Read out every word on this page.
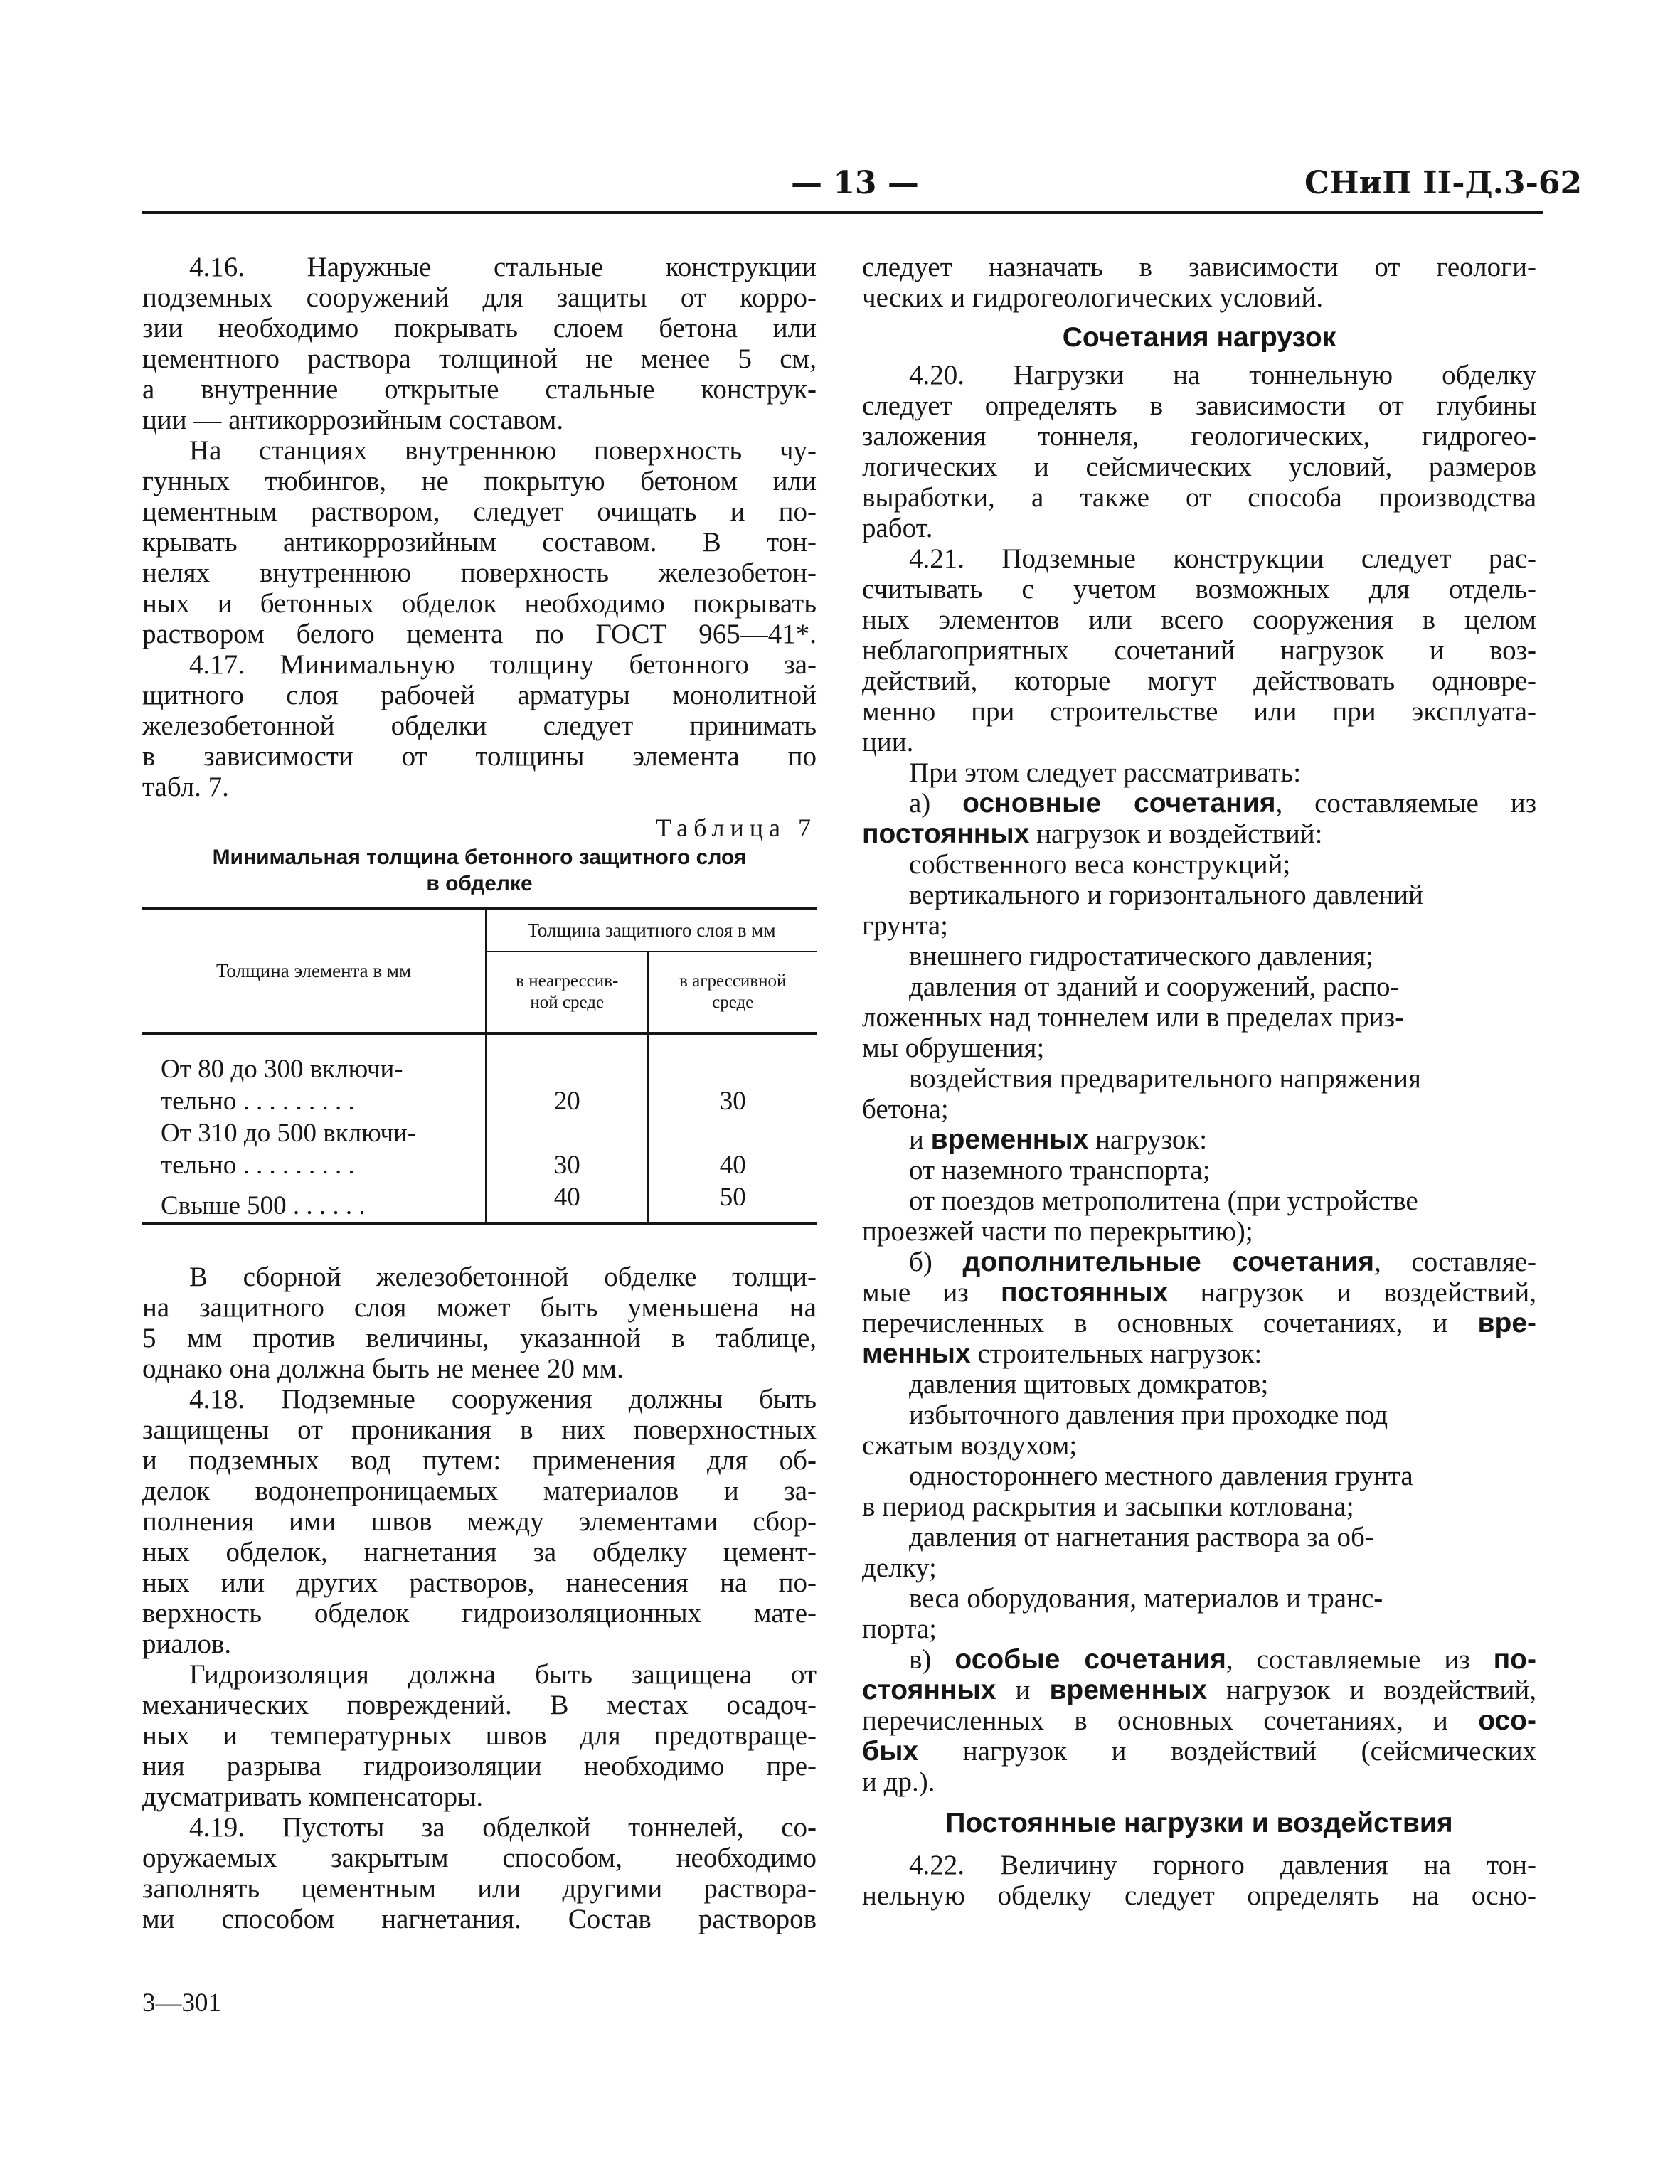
— 13 —	СНиП II-Д.3-62
4.16. Наружные стальные конструкции
подземных сооружений для защиты от корро-
зии необходимо покрывать слоем бетона или
цементного раствора толщиной не менее 5 см,
а внутренние открытые стальные конструк-
ции — антикоррозийным составом.
На станциях внутреннюю поверхность чу-
гунных тюбингов, не покрытую бетоном или
цементным раствором, следует очищать и по-
крывать антикоррозийным составом. В тон-
нелях внутреннюю поверхность железобетон-
ных и бетонных обделок необходимо покрывать
раствором белого цемента по ГОСТ 965—41*.
4.17. Минимальную толщину бетонного за-
щитного слоя рабочей арматуры монолитной
железобетонной обделки следует принимать
в зависимости от толщины элемента по
табл. 7.
Таблица 7
Минимальная толщина бетонного защитного слоя
в обделке
Толщина элемента в мм	Толщина защитного слоя в мм	

	в неагрессив-
ной среде	в агрессивной
среде

От 80 до 300 включи-
тельно . . . . . . . . .	20	30

От 310 до 500 включи-
тельно . . . . . . . . .	30	40

Свыше 500 . . . . . .	40	50
В сборной железобетонной обделке толщи-
на защитного слоя может быть уменьшена на
5 мм против величины, указанной в таблице,
однако она должна быть не менее 20 мм.
4.18. Подземные сооружения должны быть
защищены от проникания в них поверхностных
и подземных вод путем: применения для об-
делок водонепроницаемых материалов и за-
полнения ими швов между элементами сбор-
ных обделок, нагнетания за обделку цемент-
ных или других растворов, нанесения на по-
верхность обделок гидроизоляционных мате-
риалов.
Гидроизоляция должна быть защищена от
механических повреждений. В местах осадоч-
ных и температурных швов для предотвраще-
ния разрыва гидроизоляции необходимо пре-
дусматривать компенсаторы.
4.19. Пустоты за обделкой тоннелей, со-
оружаемых закрытым способом, необходимо
заполнять цементным или другими раствора-
ми способом нагнетания. Состав растворов
3—301
следует назначать в зависимости от геологи-
ческих и гидрогеологических условий.
Сочетания нагрузок
4.20. Нагрузки на тоннельную обделку
следует определять в зависимости от глубины
заложения тоннеля, геологических, гидрогео-
логических и сейсмических условий, размеров
выработки, а также от способа производства
работ.
4.21. Подземные конструкции следует рас-
считывать с учетом возможных для отдель-
ных элементов или всего сооружения в целом
неблагоприятных сочетаний нагрузок и воз-
действий, которые могут действовать одновре-
менно при строительстве или при эксплуата-
ции.
При этом следует рассматривать:
а) основные сочетания, составляемые из
постоянных нагрузок и воздействий:
собственного веса конструкций;
вертикального и горизонтального давлений
грунта;
внешнего гидростатического давления;
давления от зданий и сооружений, распо-
ложенных над тоннелем или в пределах приз-
мы обрушения;
воздействия предварительного напряжения
бетона;
и временных нагрузок:
от наземного транспорта;
от поездов метрополитена (при устройстве
проезжей части по перекрытию);
б) дополнительные сочетания, составляе-
мые из постоянных нагрузок и воздействий,
перечисленных в основных сочетаниях, и вре-
менных строительных нагрузок:
давления щитовых домкратов;
избыточного давления при проходке под
сжатым воздухом;
одностороннего местного давления грунта
в период раскрытия и засыпки котлована;
давления от нагнетания раствора за об-
делку;
веса оборудования, материалов и транс-
порта;
в) особые сочетания, составляемые из по-
стоянных и временных нагрузок и воздействий,
перечисленных в основных сочетаниях, и осо-
бых нагрузок и воздействий (сейсмических
и др.).
Постоянные нагрузки и воздействия
4.22. Величину горного давления на тон-
нельную обделку следует определять на осно-
